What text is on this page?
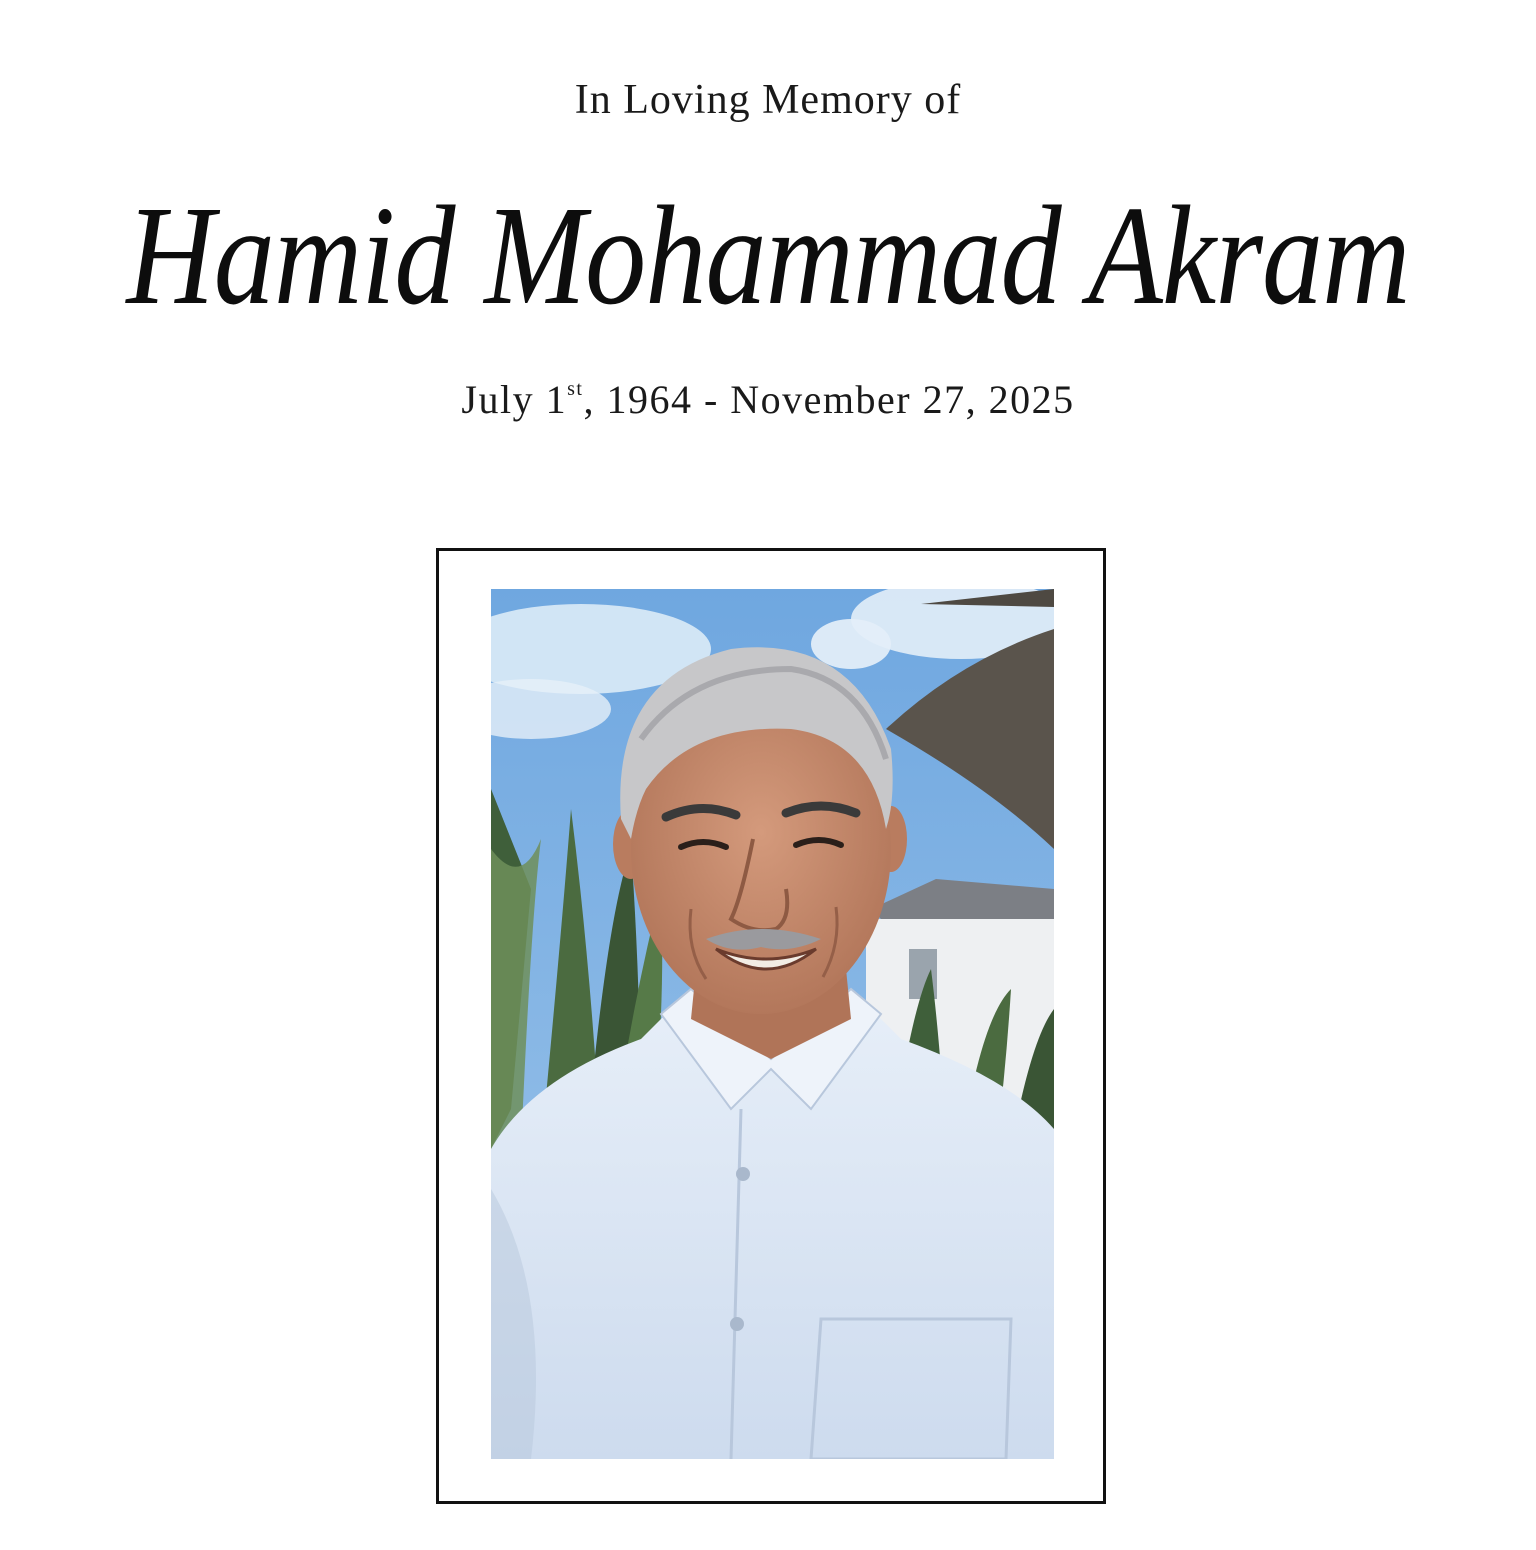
In Loving Memory of
Hamid Mohammad Akram
July 1st, 1964 - November 27, 2025
